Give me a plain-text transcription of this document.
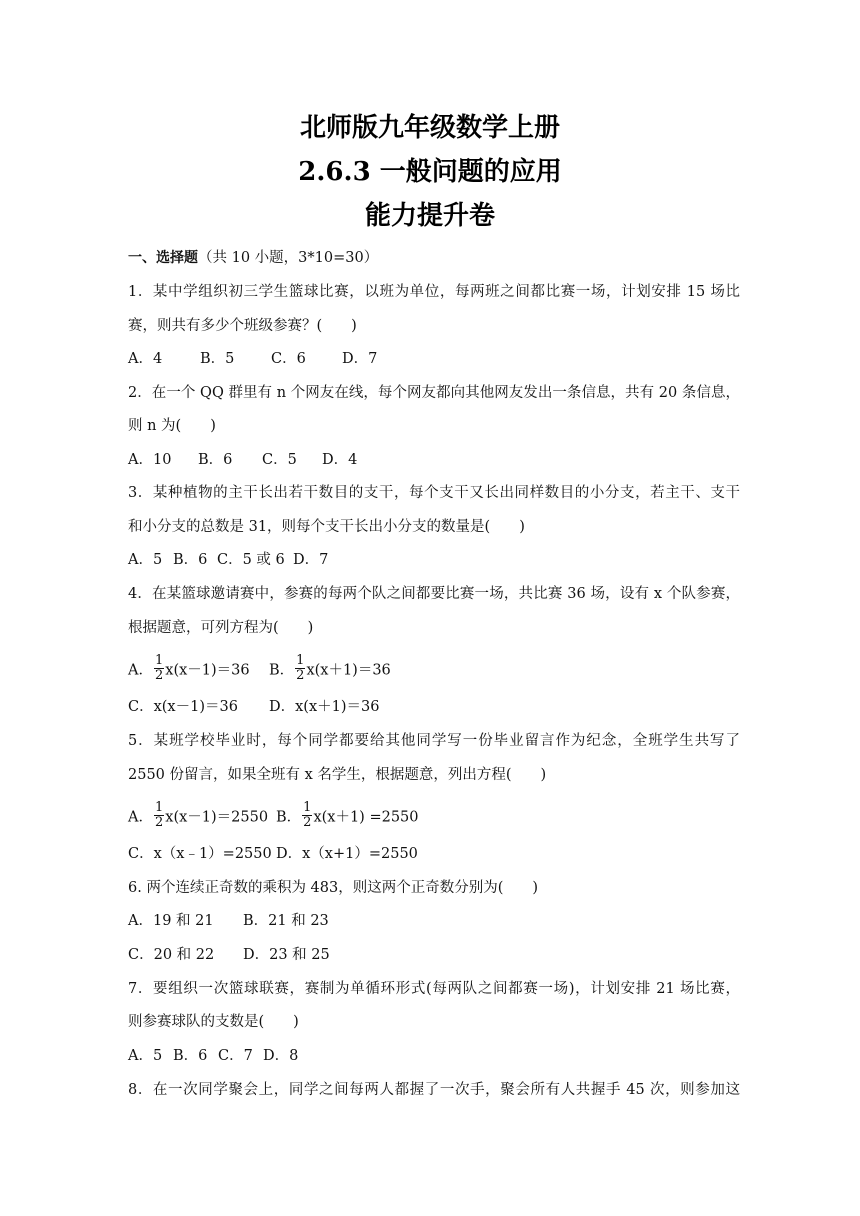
北师版九年级数学上册
2.6.3 一般问题的应用
能力提升卷
一、选择题（共 10 小题，3*10=30）
1．某中学组织初三学生篮球比赛，以班为单位，每两班之间都比赛一场，计划安排 15 场比
赛，则共有多少个班级参赛？(　　)
A．4	B．5	C．6 D．7
2．在一个 QQ 群里有 n 个网友在线，每个网友都向其他网友发出一条信息，共有 20 条信息，
则 n 为(　　)
A．10 B．6 C．5 D．4
3．某种植物的主干长出若干数目的支干，每个支干又长出同样数目的小分支，若主干、支干
和小分支的总数是 31，则每个支干长出小分支的数量是(　　)
A．5 B．6 C．5 或 6 D．7
4．在某篮球邀请赛中，参赛的每两个队之间都要比赛一场，共比赛 36 场，设有 x 个队参赛，
根据题意，可列方程为(　　)
A． $\frac{1}{2} x(x-1)=36$ B． $\frac{1}{2} x(x+1)=36$
C．x(x－1)＝36 D．x(x＋1)＝36
5．某班学校毕业时，每个同学都要给其他同学写一份毕业留言作为纪念，全班学生共写了
2550 份留言，如果全班有 x 名学生，根据题意，列出方程(　　)
A． $\frac{1}{2} x(x-1)=2550$ B． $\frac{1}{2} x(x+1) =2550$
C．x（x﹣1）=2550 D．x（x+1）=2550
6. 两个连续正奇数的乘积为 483，则这两个正奇数分别为(　　)
A．19 和 21 B．21 和 23
C．20 和 22 D．23 和 25
7．要组织一次篮球联赛，赛制为单循环形式(每两队之间都赛一场)，计划安排 21 场比赛，
则参赛球队的支数是(　　)
A．5 B．6 C．7 D．8
8．在一次同学聚会上，同学之间每两人都握了一次手，聚会所有人共握手 45 次，则参加这
